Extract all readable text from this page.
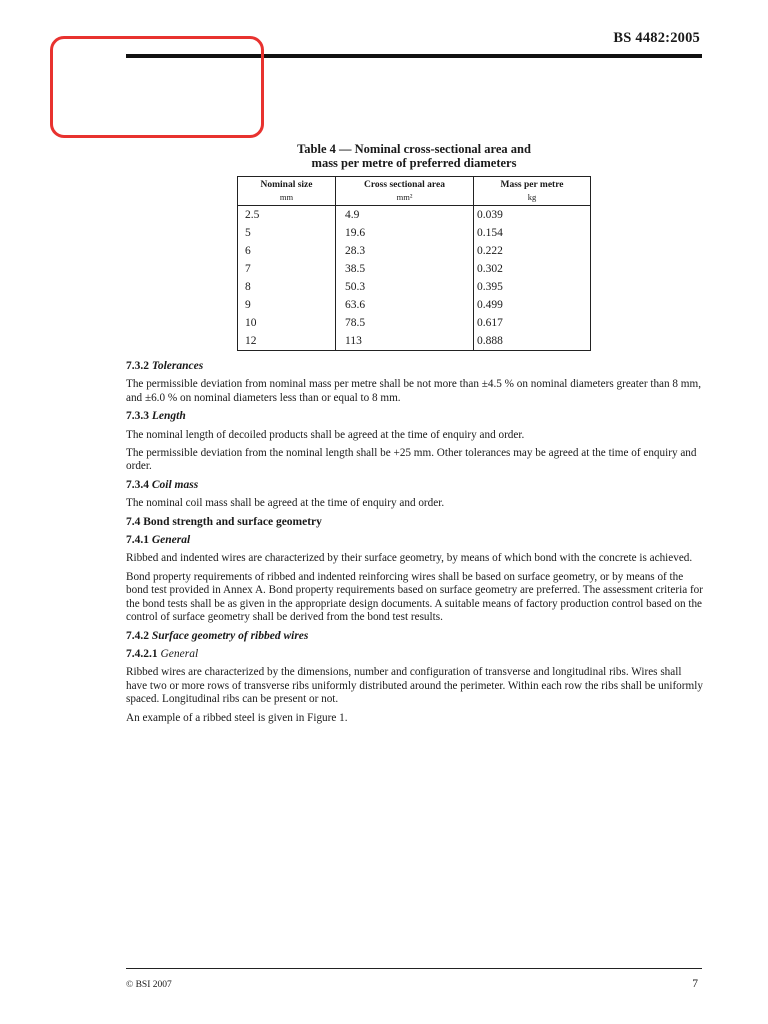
BS 4482:2005
Table 4 — Nominal cross-sectional area and
mass per metre of preferred diameters
Nominal size	Cross sectional area	Mass per metre
mm	mm²	kg
2.5	4.9	0.039
5	19.6	0.154
6	28.3	0.222
7	38.5	0.302
8	50.3	0.395
9	63.6	0.499
10	78.5	0.617
12	113	0.888
7.3.2 Tolerances

The permissible deviation from nominal mass per metre shall be not more than ±4.5 % on nominal diameters greater than 8 mm, and ±6.0 % on nominal diameters less than or equal to 8 mm.

7.3.3 Length

The nominal length of decoiled products shall be agreed at the time of enquiry and order.

The permissible deviation from the nominal length shall be +25 mm. Other tolerances may be agreed at the time of enquiry and order.

7.3.4 Coil mass

The nominal coil mass shall be agreed at the time of enquiry and order.

7.4 Bond strength and surface geometry
7.4.1 General

Ribbed and indented wires are characterized by their surface geometry, by means of which bond with the concrete is achieved.

Bond property requirements of ribbed and indented reinforcing wires shall be based on surface geometry, or by means of the bond test provided in Annex A. Bond property requirements based on surface geometry are preferred. The assessment criteria for the bond tests shall be as given in the appropriate design documents. A suitable means of factory production control based on the control of surface geometry shall be derived from the bond test results.

7.4.2 Surface geometry of ribbed wires
7.4.2.1 General

Ribbed wires are characterized by the dimensions, number and configuration of transverse and longitudinal ribs. Wires shall have two or more rows of transverse ribs uniformly distributed around the perimeter. Within each row the ribs shall be uniformly spaced. Longitudinal ribs can be present or not.

An example of a ribbed steel is given in Figure 1.

© BSI 2007	7
